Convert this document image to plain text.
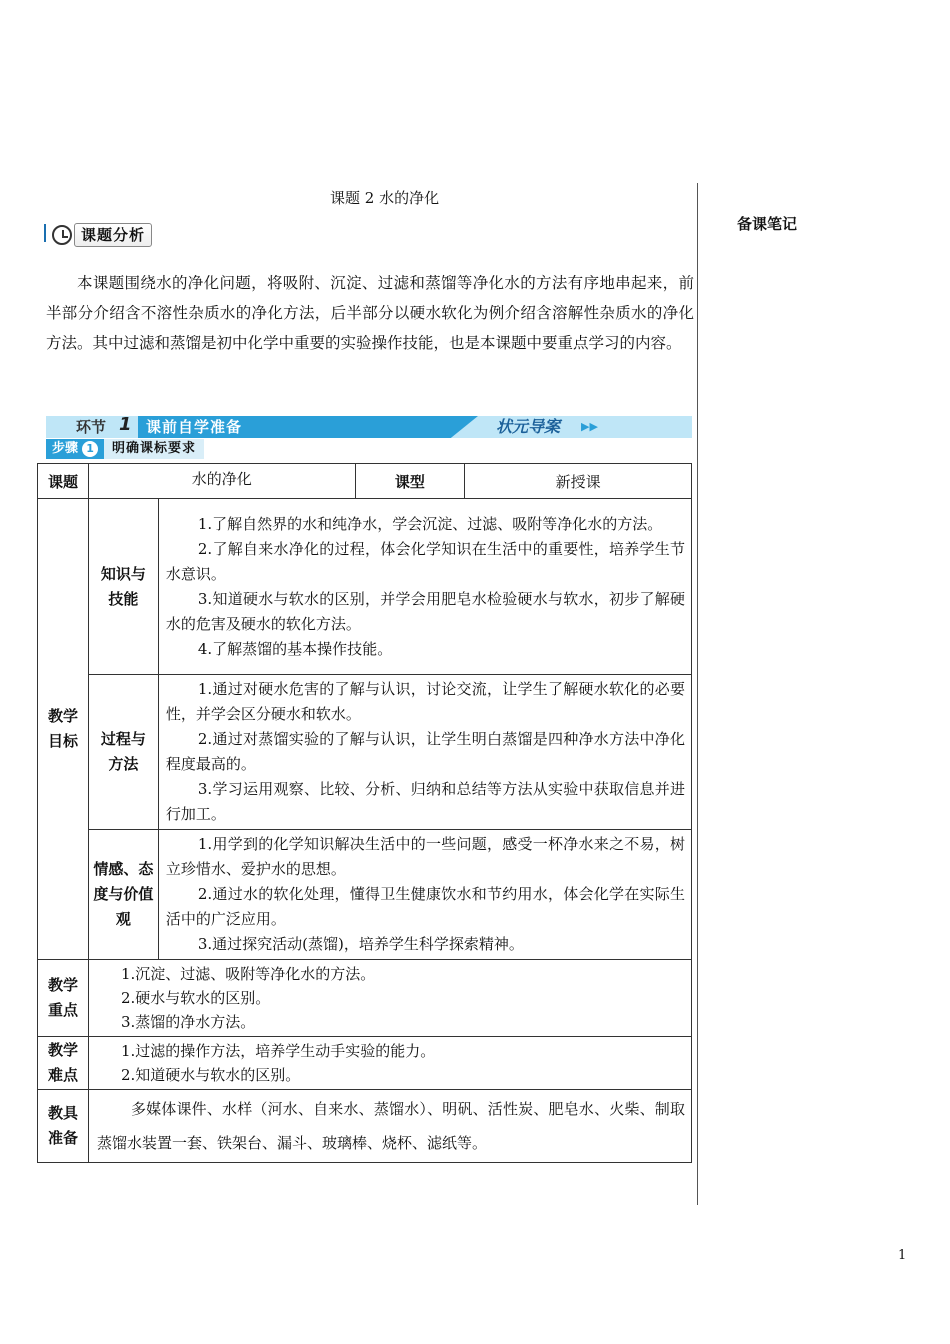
课题 2 水的净化
备课笔记
课题分析

本课题围绕水的净化问题，将吸附、沉淀、过滤和蒸馏等净化水的方法有序地串起来，前半部分介绍含不溶性杂质水的净化方法，后半部分以硬水软化为例介绍含溶解性杂质水的净化方法。其中过滤和蒸馏是初中化学中重要的实验操作技能，也是本课题中要重点学习的内容。

环节 1 课前自学准备	状元导案 ▶▶
步骤 1	明确课标要求
课题	水的净化		课型	新授课
教学目标	知识与技能	1.了解自然界的水和纯净水，学会沉淀、过滤、吸附等净化水的方法。

2.了解自来水净化的过程，体会化学知识在生活中的重要性，培养学生节水意识。

3.知道硬水与软水的区别，并学会用肥皂水检验硬水与软水，初步了解硬水的危害及硬水的软化方法。

4.了解蒸馏的基本操作技能。		

	过程与方法	1.通过对硬水危害的了解与认识，讨论交流，让学生了解硬水软化的必要性，并学会区分硬水和软水。

2.通过对蒸馏实验的了解与认识，让学生明白蒸馏是四种净水方法中净化程度最高的。

3.学习运用观察、比较、分析、归纳和总结等方法从实验中获取信息并进行加工。		

	情感、态度与价值观	1.用学到的化学知识解决生活中的一些问题，感受一杯净水来之不易，树立珍惜水、爱护水的思想。

2.通过水的软化处理，懂得卫生健康饮水和节约用水，体会化学在实际生活中的广泛应用。

3.通过探究活动(蒸馏)，培养学生科学探索精神。		

教学重点	1.沉淀、过滤、吸附等净化水的方法。

2.硬水与软水的区别。

3.蒸馏的净水方法。			

教学难点	1.过滤的操作方法，培养学生动手实验的能力。

2.知道硬水与软水的区别。			

教具准备	多媒体课件、水样（河水、自来水、蒸馏水）、明矾、活性炭、肥皂水、火柴、制取蒸馏水装置一套、铁架台、漏斗、玻璃棒、烧杯、滤纸等。			

1
